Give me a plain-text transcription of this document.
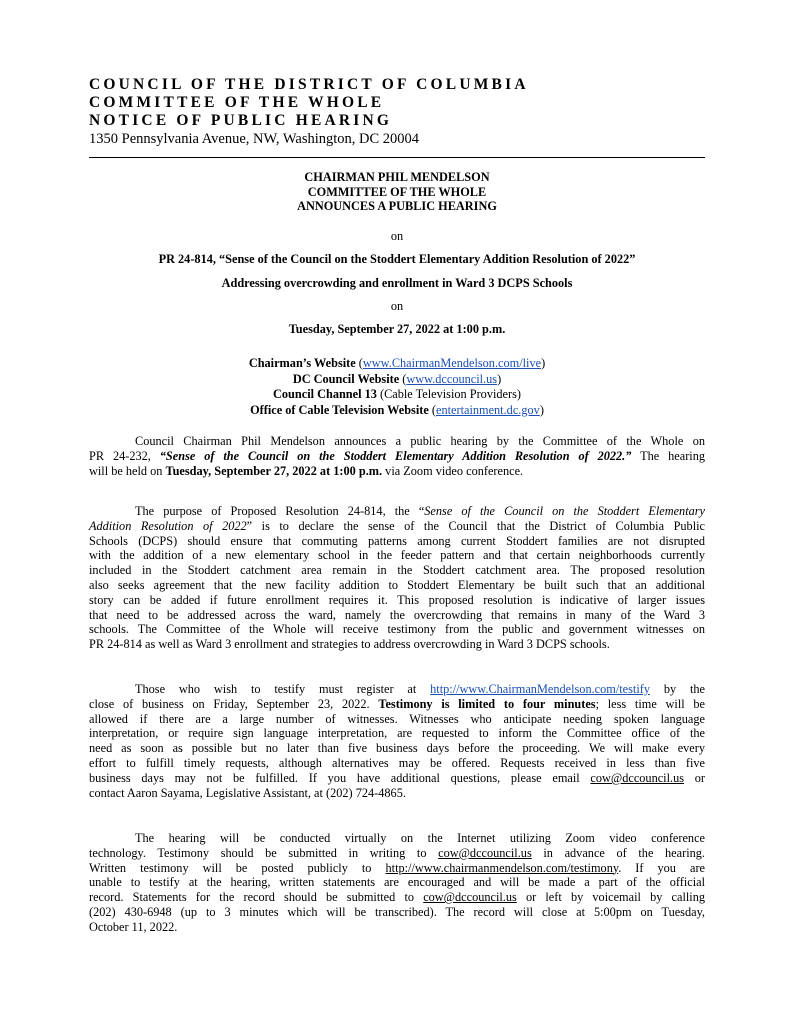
COUNCIL OF THE DISTRICT OF COLUMBIA
COMMITTEE OF THE WHOLE
NOTICE OF PUBLIC HEARING
1350 Pennsylvania Avenue, NW, Washington, DC 20004
CHAIRMAN PHIL MENDELSON
COMMITTEE OF THE WHOLE
ANNOUNCES A PUBLIC HEARING
on
PR 24-814, “Sense of the Council on the Stoddert Elementary Addition Resolution of 2022”
Addressing overcrowding and enrollment in Ward 3 DCPS Schools
on
Tuesday, September 27, 2022 at 1:00 p.m.
Chairman’s Website (www.ChairmanMendelson.com/live)
DC Council Website (www.dccouncil.us)
Council Channel 13 (Cable Television Providers)
Office of Cable Television Website (entertainment.dc.gov)
Council Chairman Phil Mendelson announces a public hearing by the Committee of the Whole on
PR 24-232, “Sense of the Council on the Stoddert Elementary Addition Resolution of 2022.” The hearing
will be held on Tuesday, September 27, 2022 at 1:00 p.m. via Zoom video conference.
The purpose of Proposed Resolution 24-814, the “Sense of the Council on the Stoddert Elementary
Addition Resolution of 2022” is to declare the sense of the Council that the District of Columbia Public
Schools (DCPS) should ensure that commuting patterns among current Stoddert families are not disrupted
with the addition of a new elementary school in the feeder pattern and that certain neighborhoods currently
included in the Stoddert catchment area remain in the Stoddert catchment area. The proposed resolution
also seeks agreement that the new facility addition to Stoddert Elementary be built such that an additional
story can be added if future enrollment requires it. This proposed resolution is indicative of larger issues
that need to be addressed across the ward, namely the overcrowding that remains in many of the Ward 3
schools. The Committee of the Whole will receive testimony from the public and government witnesses on
PR 24-814 as well as Ward 3 enrollment and strategies to address overcrowding in Ward 3 DCPS schools.
Those who wish to testify must register at http://www.ChairmanMendelson.com/testify by the
close of business on Friday, September 23, 2022. Testimony is limited to four minutes; less time will be
allowed if there are a large number of witnesses. Witnesses who anticipate needing spoken language
interpretation, or require sign language interpretation, are requested to inform the Committee office of the
need as soon as possible but no later than five business days before the proceeding. We will make every
effort to fulfill timely requests, although alternatives may be offered. Requests received in less than five
business days may not be fulfilled. If you have additional questions, please email cow@dccouncil.us or
contact Aaron Sayama, Legislative Assistant, at (202) 724-4865.
The hearing will be conducted virtually on the Internet utilizing Zoom video conference
technology. Testimony should be submitted in writing to cow@dccouncil.us in advance of the hearing.
Written testimony will be posted publicly to http://www.chairmanmendelson.com/testimony. If you are
unable to testify at the hearing, written statements are encouraged and will be made a part of the official
record. Statements for the record should be submitted to cow@dccouncil.us or left by voicemail by calling
(202) 430-6948 (up to 3 minutes which will be transcribed). The record will close at 5:00pm on Tuesday,
October 11, 2022.
